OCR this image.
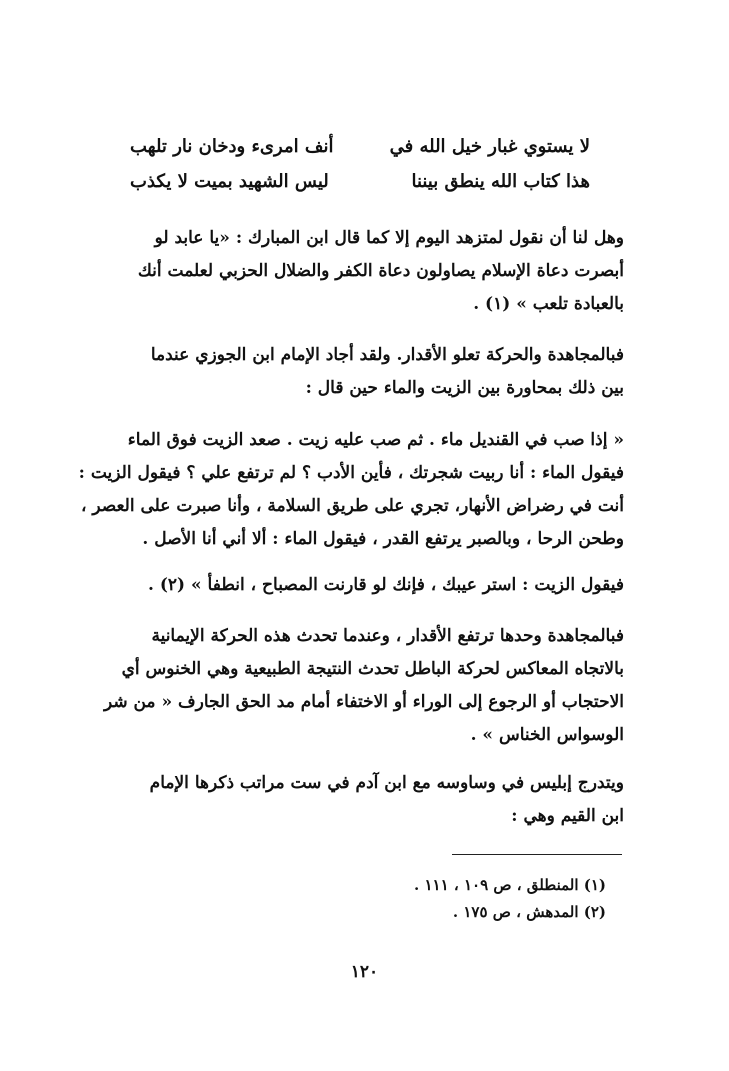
لا يستوي غبار خيل الله في
أنف امرىء ودخان نار تلهب
هذا كتاب الله ينطق بيننا
ليس الشهيد بميت لا يكذب
وهل لنا أن نقول لمتزهد اليوم إلا كما قال ابن المبارك : «يا عابد لو
أبصرت دعاة الإسلام يصاولون دعاة الكفر والضلال الحزبي لعلمت أنك
بالعبادة تلعب » (١) .
فبالمجاهدة والحركة تعلو الأقدار. ولقد أجاد الإمام ابن الجوزي عندما
بين ذلك بمحاورة بين الزيت والماء حين قال :
« إذا صب في القنديل ماء . ثم صب عليه زيت . صعد الزيت فوق الماء
فيقول الماء : أنا ربيت شجرتك ، فأين الأدب ؟ لم ترتفع علي ؟ فيقول الزيت :
أنت في رضراض الأنهار، تجري على طريق السلامة ، وأنا صبرت على العصر ،
وطحن الرحا ، وبالصبر يرتفع القدر ، فيقول الماء : ألا أني أنا الأصل .
فيقول الزيت : استر عيبك ، فإنك لو قارنت المصباح ، انطفأ » (٢) .
فبالمجاهدة وحدها ترتفع الأقدار ، وعندما تحدث هذه الحركة الإيمانية
بالاتجاه المعاكس لحركة الباطل تحدث النتيجة الطبيعية وهي الخنوس أي
الاحتجاب أو الرجوع إلى الوراء أو الاختفاء أمام مد الحق الجارف « من شر
الوسواس الخناس » .
ويتدرج إبليس في وساوسه مع ابن آدم في ست مراتب ذكرها الإمام
ابن القيم وهي :
(١) المنطلق ، ص ١٠٩ ، ١١١ .
(٢) المدهش ، ص ١٧٥ .
١٢٠
